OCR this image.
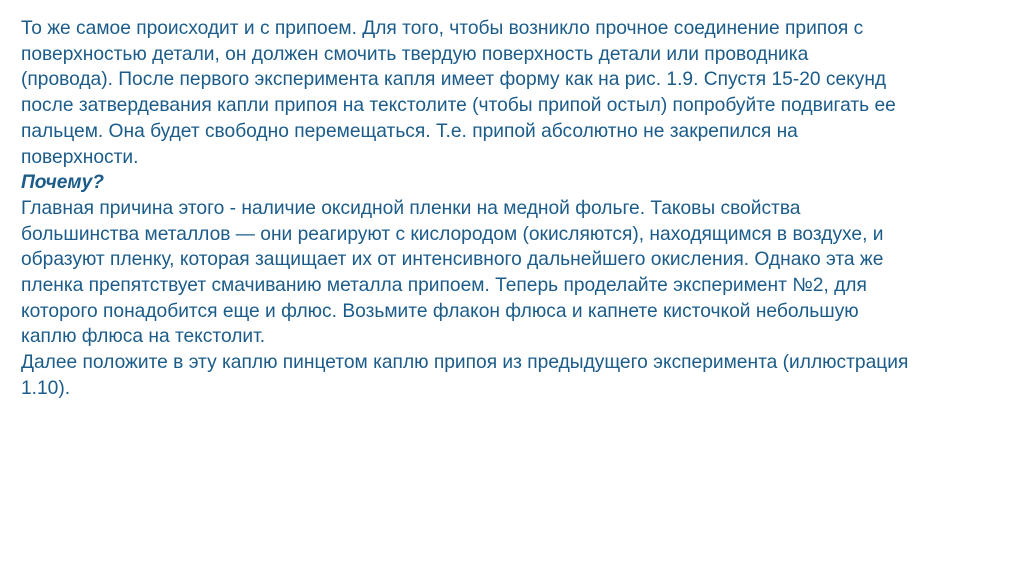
То же самое происходит и с припоем. Для того, чтобы возникло прочное соединение припоя с
поверхностью детали, он должен смочить твердую поверхность детали или проводника
(провода). После первого эксперимента капля имеет форму как на рис. 1.9. Спустя 15-20 секунд
после затвердевания капли припоя на текстолите (чтобы припой остыл) попробуйте подвигать ее
пальцем. Она будет свободно перемещаться. Т.е. припой абсолютно не закрепился на
поверхности.
Почему?
Главная причина этого - наличие оксидной пленки на медной фольге. Таковы свойства
большинства металлов — они реагируют с кислородом (окисляются), находящимся в воздухе, и
образуют пленку, которая защищает их от интенсивного дальнейшего окисления. Однако эта же
пленка препятствует смачиванию металла припоем. Теперь проделайте эксперимент №2, для
которого понадобится еще и флюс. Возьмите флакон флюса и капнете кисточкой небольшую
каплю флюса на текстолит.
Далее положите в эту каплю пинцетом каплю припоя из предыдущего эксперимента (иллюстрация
1.10).
